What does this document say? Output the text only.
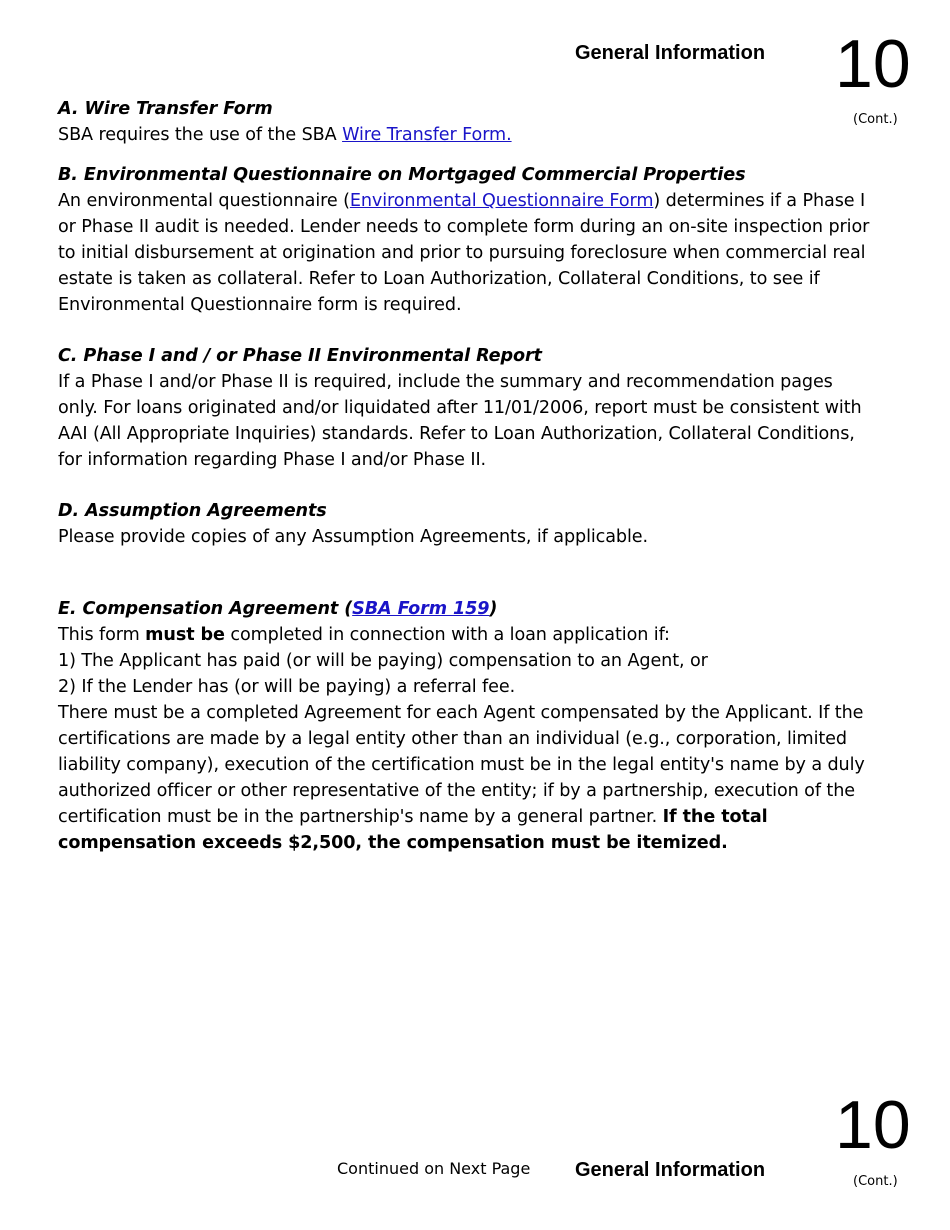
General Information	10
(Cont.)

A. Wire Transfer Form

SBA requires the use of the SBA Wire Transfer Form.

B. Environmental Questionnaire on Mortgaged Commercial Properties

An environmental questionnaire (Environmental Questionnaire Form) determines if a Phase I or Phase II audit is needed. Lender needs to complete form during an on-site inspection prior to initial disbursement at origination and prior to pursuing foreclosure when commercial real estate is taken as collateral. Refer to Loan Authorization, Collateral Conditions, to see if Environmental Questionnaire form is required.

C. Phase I and / or Phase II Environmental Report

If a Phase I and/or Phase II is required, include the summary and recommendation pages only. For loans originated and/or liquidated after 11/01/2006, report must be consistent with AAI (All Appropriate Inquiries) standards. Refer to Loan Authorization, Collateral Conditions, for information regarding Phase I and/or Phase II.

D. Assumption Agreements

Please provide copies of any Assumption Agreements, if applicable.

E. Compensation Agreement (SBA Form 159)

This form must be completed in connection with a loan application if:

1) The Applicant has paid (or will be paying) compensation to an Agent, or

2) If the Lender has (or will be paying) a referral fee.

There must be a completed Agreement for each Agent compensated by the Applicant. If the certifications are made by a legal entity other than an individual (e.g., corporation, limited liability company), execution of the certification must be in the legal entity's name by a duly authorized officer or other representative of the entity; if by a partnership, execution of the certification must be in the partnership's name by a general partner. If the total compensation exceeds $2,500, the compensation must be itemized.

Continued on Next Page General Information
10
(Cont.)
